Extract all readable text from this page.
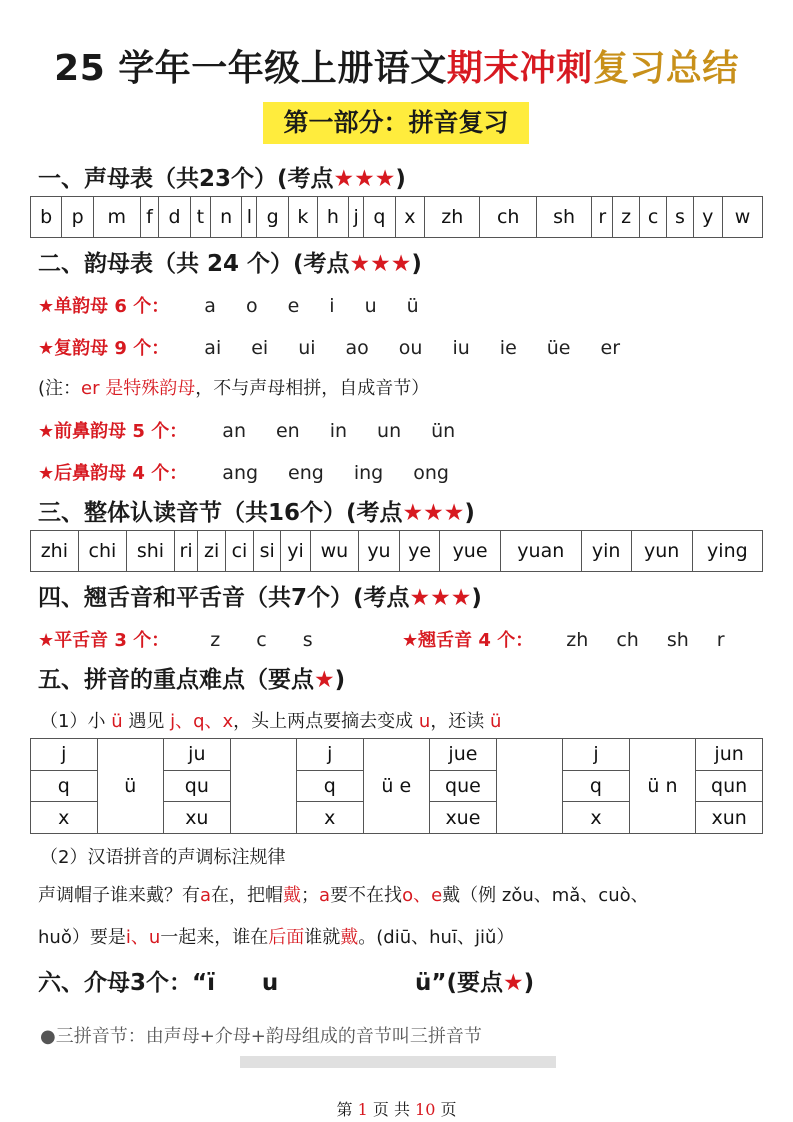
25 学年一年级上册语文期末冲刺复习总结
第一部分：拼音复习
一、声母表（共23个）(考点★★★)
b	p	m	f	d	t	n	l	g	k	h	j	q	x	zh	ch	sh	r	z	c	s	y	w
二、韵母表（共 24 个）(考点★★★)
★单韵母 6 个： a o e i u ü
★复韵母 9 个： ai ei ui ao ou iu ie üe er
(注：er 是特殊韵母，不与声母相拼，自成音节）
★前鼻韵母 5 个： an en in un ün
★后鼻韵母 4 个： ang eng ing ong
三、整体认读音节（共16个）(考点★★★)
zhi	chi	shi	ri	zi	ci	si	yi	wu	yu	ye	yue	yuan	yin	yun	ying
四、翘舌音和平舌音（共7个）(考点★★★)
★平舌音 3 个： z c s	★翘舌音 4 个： zh ch sh r
五、拼音的重点难点（要点★)
（1）小 ü 遇见 j、q、x，头上两点要摘去变成 u，还读 ü
j	ü	ju		j	ü e	jue		j	ü n	jun
q		qu		q		que		q		qun
x		xu		x		xue		x		xun
（2）汉语拼音的声调标注规律
声调帽子谁来戴？有a在，把帽戴；a要不在找o、e戴（例 zǒu、mǎ、cuò、
huǒ）要是i、u一起来，谁在后面谁就戴。(diū、huī、jiǔ）
六、介母3个：“ï u	ü”(要点★)
●三拼音节：由声母+介母+韵母组成的音节叫三拼音节
第 1 页 共 10 页
